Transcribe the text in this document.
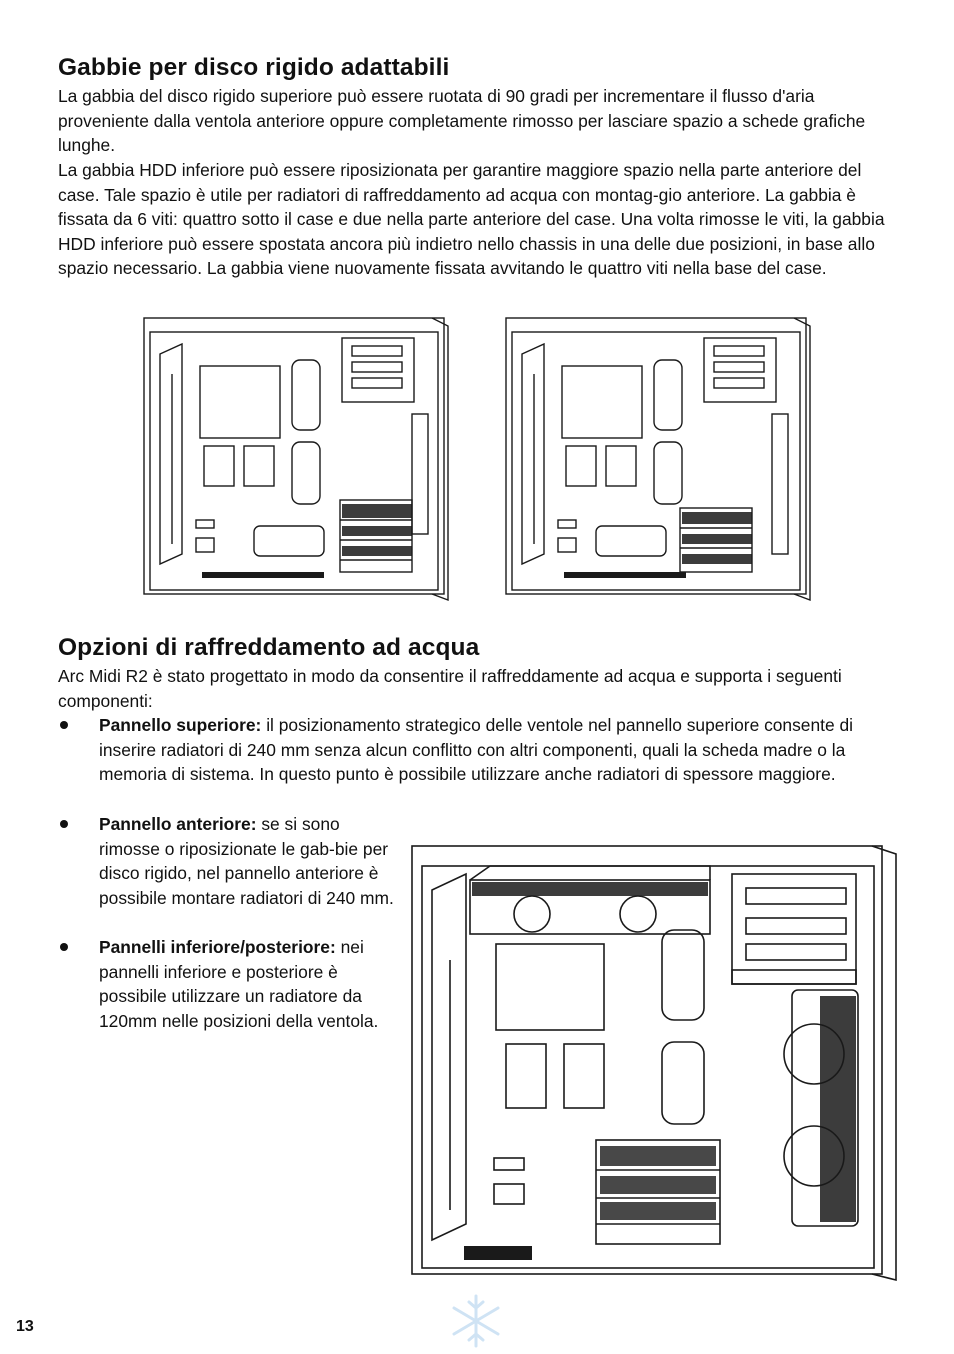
Gabbie per disco rigido adattabili

La gabbia del disco rigido superiore può essere ruotata di 90 gradi per incrementare il flusso d'aria proveniente dalla ventola anteriore oppure completamente rimosso per lasciare spazio a schede grafiche lunghe.

La gabbia HDD inferiore può essere riposizionata per garantire maggiore spazio nella parte anteriore del case. Tale spazio è utile per radiatori di raffreddamento ad acqua con montag-gio anteriore. La gabbia è fissata da 6 viti: quattro sotto il case e due nella parte anteriore del case. Una volta rimosse le viti, la gabbia HDD inferiore può essere spostata ancora più indietro nello chassis in una delle due posizioni, in base allo spazio necessario. La gabbia viene nuovamente fissata avvitando le quattro viti nella base del case.

Opzioni di raffreddamento ad acqua

Arc Midi R2 è stato progettato in modo da consentire il raffreddamente ad acqua e supporta i seguenti componenti:

Pannello superiore: il posizionamento strategico delle ventole nel pannello superiore consente di inserire radiatori di 240 mm senza alcun conflitto con altri componenti, quali la scheda madre o la memoria di sistema. In questo punto è possibile utilizzare anche radiatori di spessore maggiore.
Pannello anteriore: se si sono rimosse o riposizionate le gab-bie per disco rigido, nel pannello anteriore è possibile montare radiatori di 240 mm.
Pannelli inferiore/posteriore: nei pannelli inferiore e posteriore è possibile utilizzare un radiatore da 120mm nelle posizioni della ventola.
13
